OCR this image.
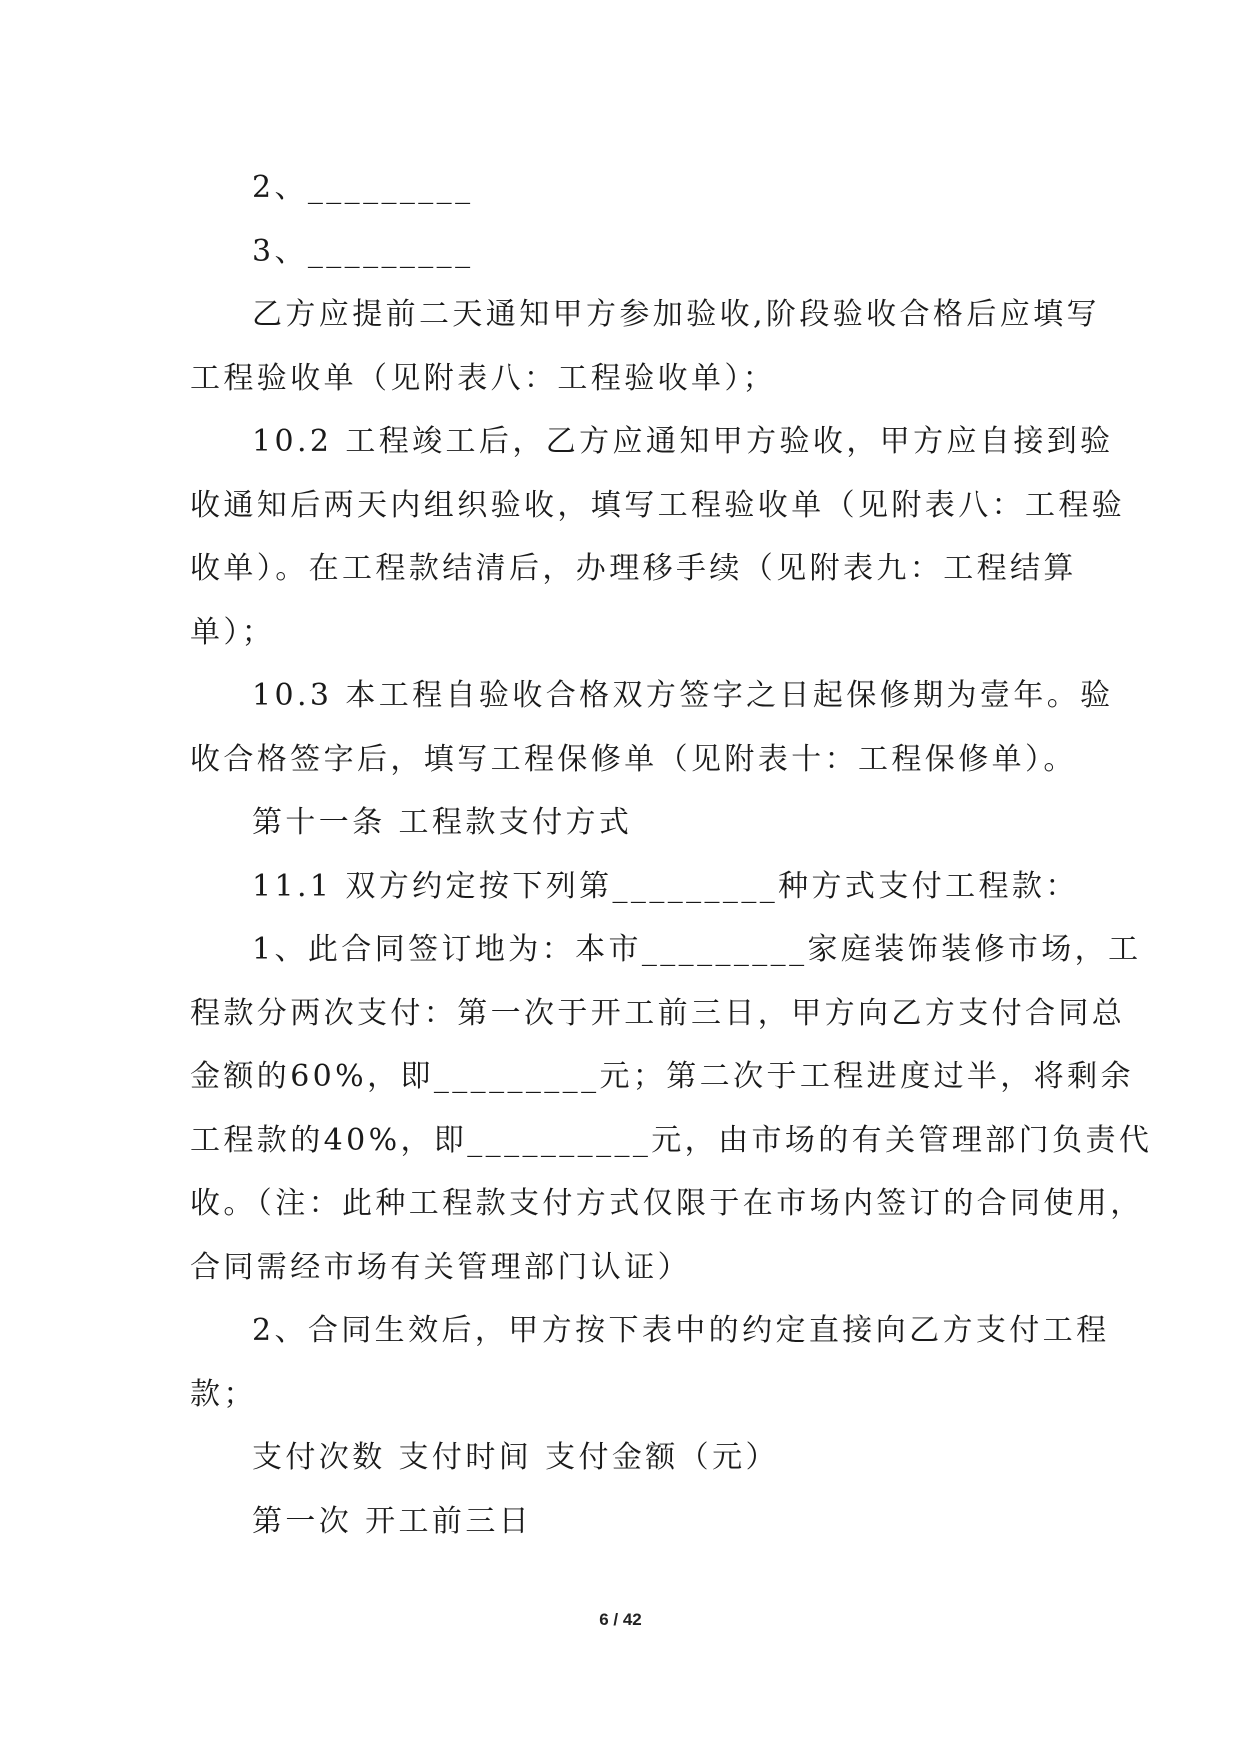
2、_________
3、_________
乙方应提前二天通知甲方参加验收,阶段验收合格后应填写
工程验收单（见附表八：工程验收单）；
10.2 工程竣工后，乙方应通知甲方验收，甲方应自接到验
收通知后两天内组织验收，填写工程验收单（见附表八：工程验
收单）。在工程款结清后，办理移手续（见附表九：工程结算
单）；
10.3 本工程自验收合格双方签字之日起保修期为壹年。验
收合格签字后，填写工程保修单（见附表十：工程保修单）。
第十一条 工程款支付方式
11.1 双方约定按下列第_________种方式支付工程款：
1、此合同签订地为：本市_________家庭装饰装修市场，工
程款分两次支付：第一次于开工前三日，甲方向乙方支付合同总
金额的60%，即_________元；第二次于工程进度过半，将剩余
工程款的40%，即__________元，由市场的有关管理部门负责代
收。（注：此种工程款支付方式仅限于在市场内签订的合同使用，
合同需经市场有关管理部门认证）
2、合同生效后，甲方按下表中的约定直接向乙方支付工程
款；
支付次数 支付时间 支付金额（元）
第一次 开工前三日
6 / 42
